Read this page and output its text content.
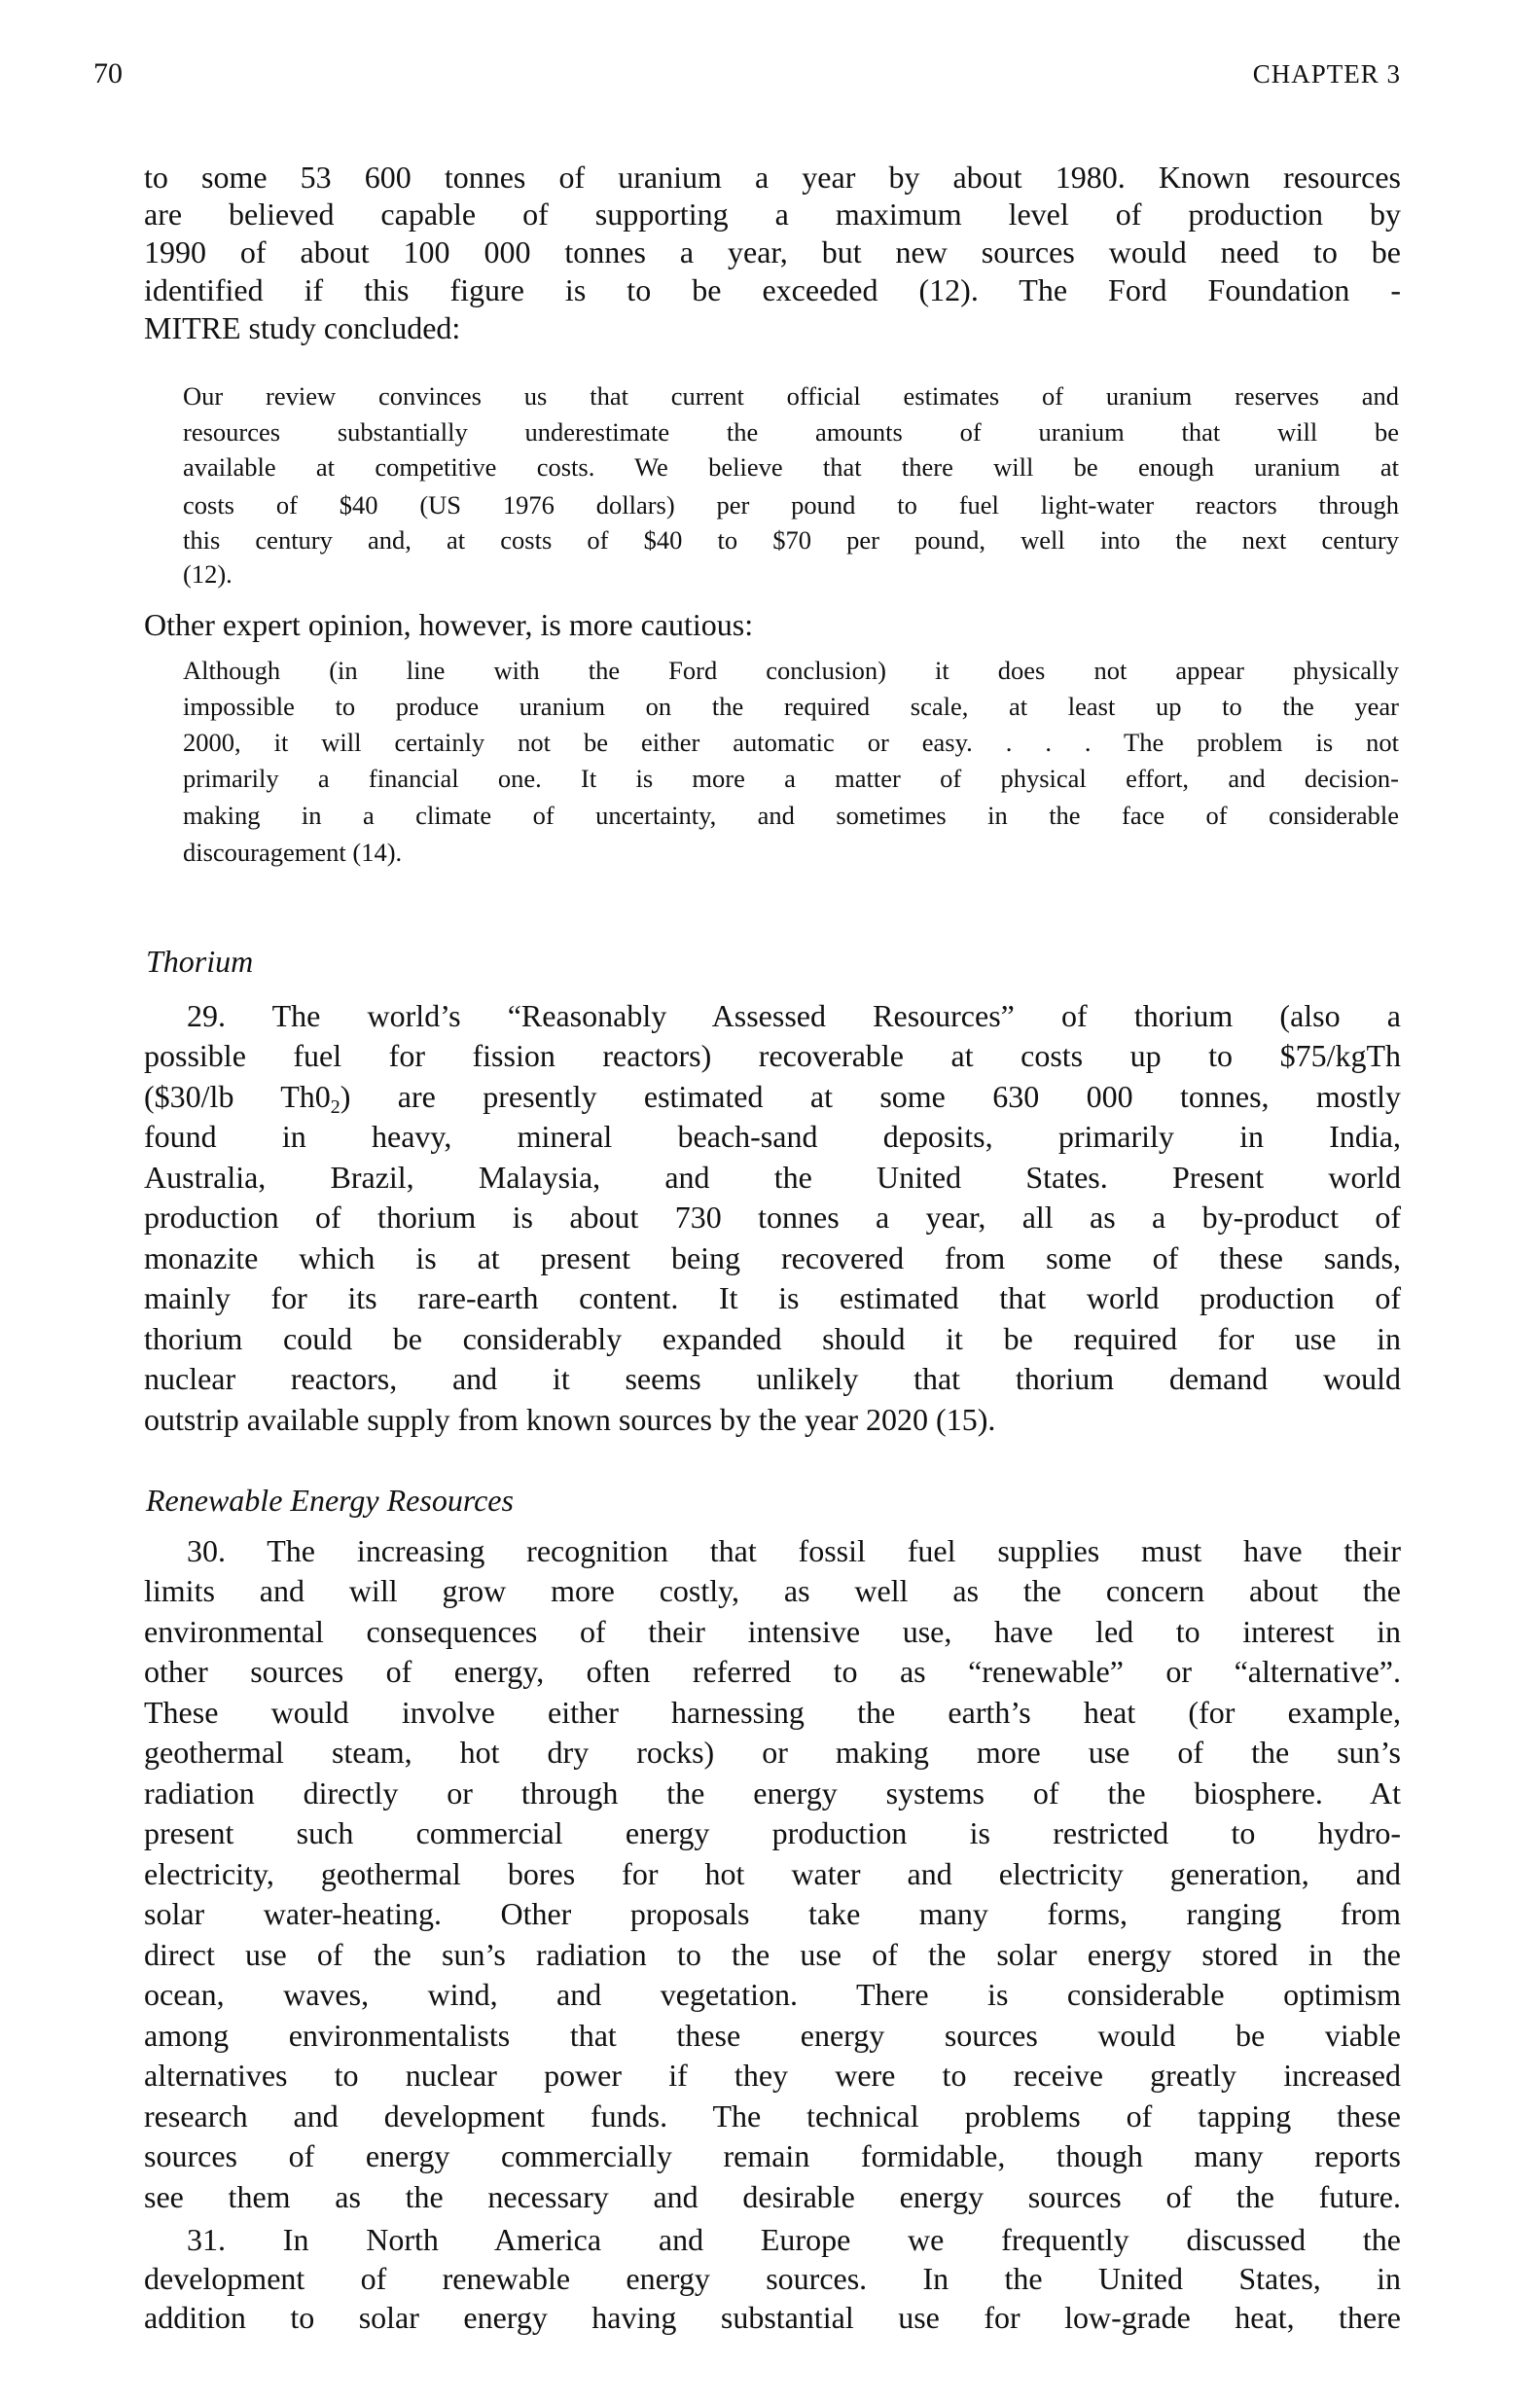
70	CHAPTER 3
to some 53 600 tonnes of uranium a year by about 1980. Known resources
are believed capable of supporting a maximum level of production by
1990 of about 100 000 tonnes a year, but new sources would need to be
identified if this figure is to be exceeded (12). The Ford Foundation -
MITRE study concluded:
Our review convinces us that current official estimates of uranium reserves and
resources substantially underestimate the amounts of uranium that will be
available at competitive costs. We believe that there will be enough uranium at
costs of $40 (US 1976 dollars) per pound to fuel light-water reactors through
this century and, at costs of $40 to $70 per pound, well into the next century
(12).
Other expert opinion, however, is more cautious:
Although (in line with the Ford conclusion) it does not appear physically
impossible to produce uranium on the required scale, at least up to the year
2000, it will certainly not be either automatic or easy. . . . The problem is not
primarily a financial one. It is more a matter of physical effort, and decision-
making in a climate of uncertainty, and sometimes in the face of considerable
discouragement (14).
Thorium
29. The world’s “Reasonably Assessed Resources” of thorium (also a
possible fuel for fission reactors) recoverable at costs up to $75/kgTh
($30/lb $Th0_2$) are presently estimated at some 630 000 tonnes, mostly
found in heavy, mineral beach-sand deposits, primarily in India,
Australia, Brazil, Malaysia, and the United States. Present world
production of thorium is about 730 tonnes a year, all as a by-product of
monazite which is at present being recovered from some of these sands,
mainly for its rare-earth content. It is estimated that world production of
thorium could be considerably expanded should it be required for use in
nuclear reactors, and it seems unlikely that thorium demand would
outstrip available supply from known sources by the year 2020 (15).
Renewable Energy Resources
30. The increasing recognition that fossil fuel supplies must have their
limits and will grow more costly, as well as the concern about the
environmental consequences of their intensive use, have led to interest in
other sources of energy, often referred to as “renewable” or “alternative”.
These would involve either harnessing the earth’s heat (for example,
geothermal steam, hot dry rocks) or making more use of the sun’s
radiation directly or through the energy systems of the biosphere. At
present such commercial energy production is restricted to hydro-
electricity, geothermal bores for hot water and electricity generation, and
solar water-heating. Other proposals take many forms, ranging from
direct use of the sun’s radiation to the use of the solar energy stored in the
ocean, waves, wind, and vegetation. There is considerable optimism
among environmentalists that these energy sources would be viable
alternatives to nuclear power if they were to receive greatly increased
research and development funds. The technical problems of tapping these
sources of energy commercially remain formidable, though many reports
see them as the necessary and desirable energy sources of the future.
31. In North America and Europe we frequently discussed the
development of renewable energy sources. In the United States, in
addition to solar energy having substantial use for low-grade heat, there
